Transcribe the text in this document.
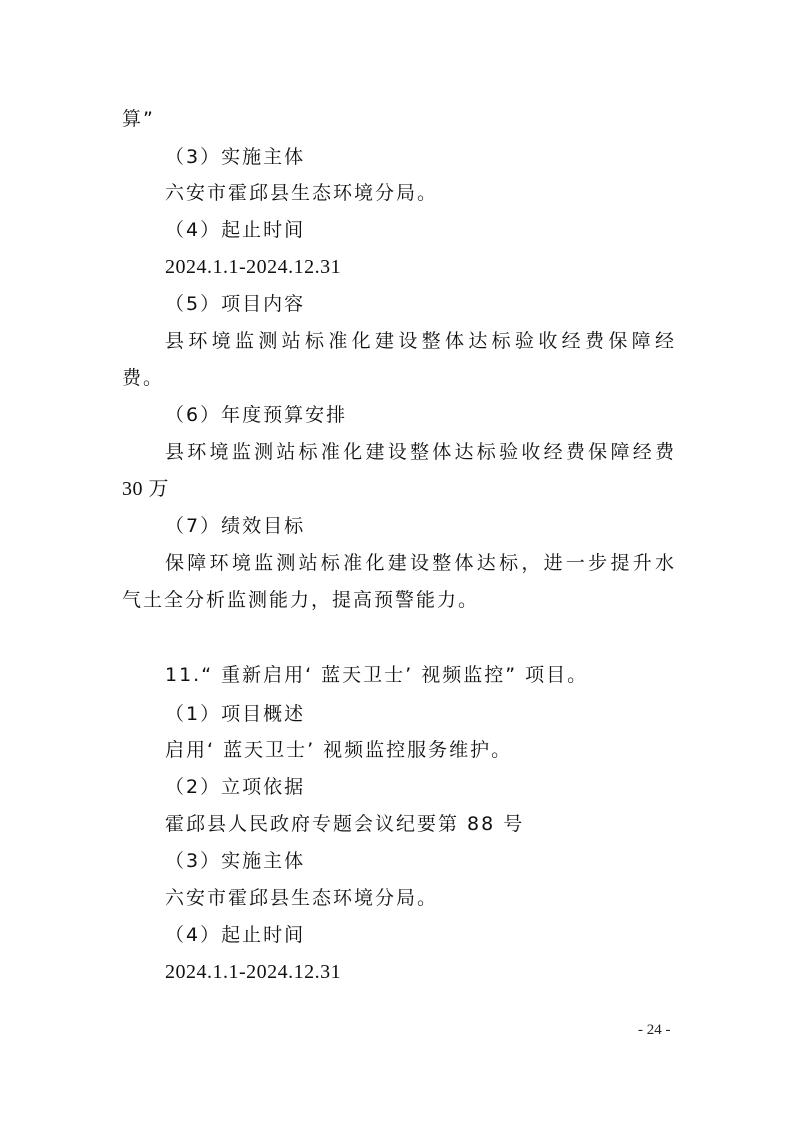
算”
（3）实施主体
六安市霍邱县生态环境分局。
（4）起止时间
2024.1.1-2024.12.31
（5）项目内容
县环境监测站标准化建设整体达标验收经费保障经
费。
（6）年度预算安排
县环境监测站标准化建设整体达标验收经费保障经费
30 万
（7）绩效目标
保障环境监测站标准化建设整体达标，进一步提升水
气土全分析监测能力，提高预警能力。
11.“ 重新启用‘ 蓝天卫士’ 视频监控” 项目。
（1）项目概述
启用‘ 蓝天卫士’ 视频监控服务维护。
（2）立项依据
霍邱县人民政府专题会议纪要第 88 号
（3）实施主体
六安市霍邱县生态环境分局。
（4）起止时间
2024.1.1-2024.12.31
- 24 -
